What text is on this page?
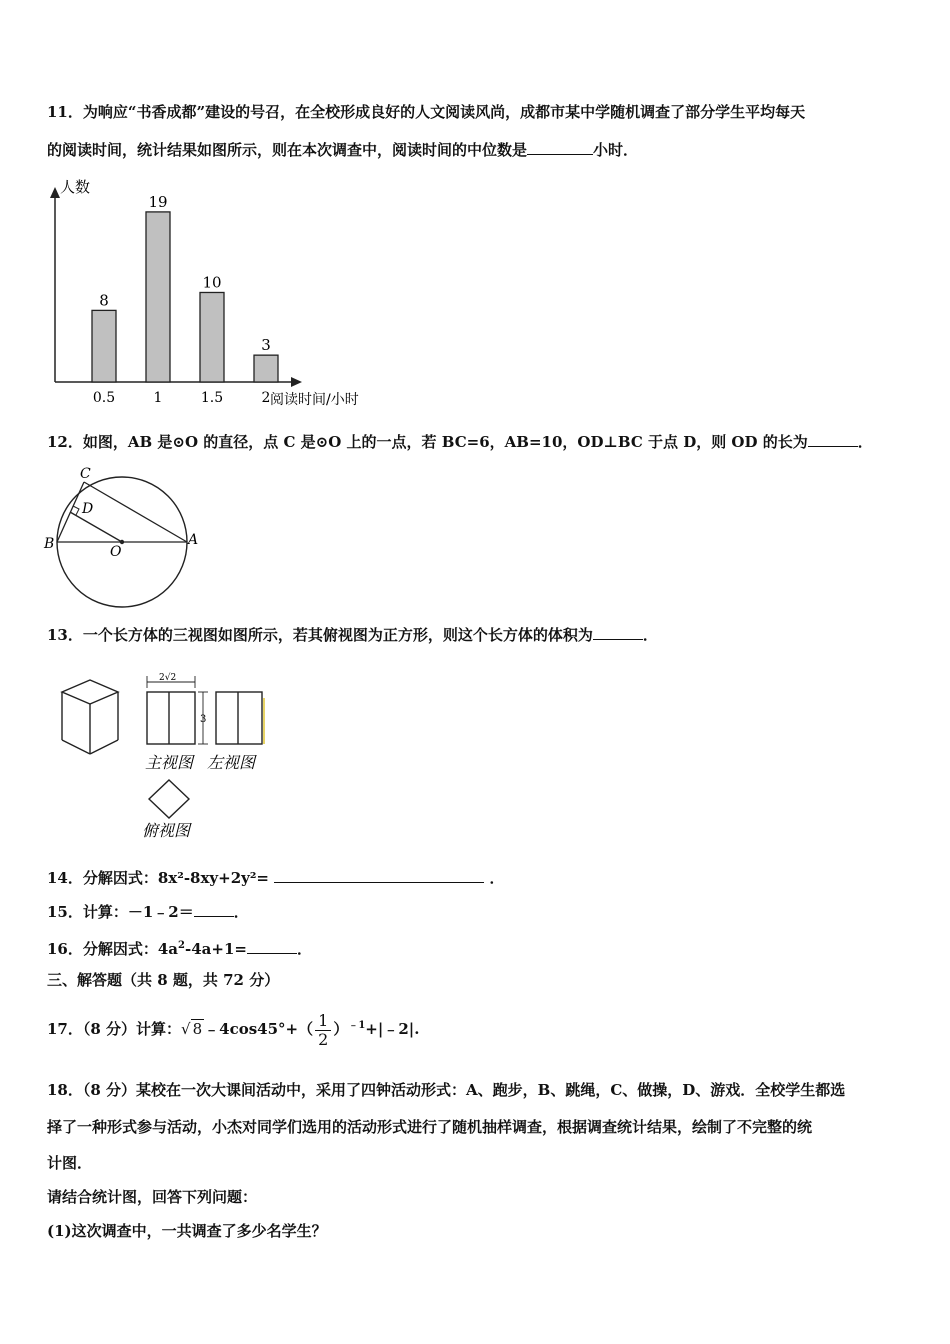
11．为响应“书香成都”建设的号召，在全校形成良好的人文阅读风尚，成都市某中学随机调查了部分学生平均每天
的阅读时间，统计结果如图所示，则在本次调查中，阅读时间的中位数是	小时．
人数
阅读时间/小时
8
0.5
19
1
10
1.5
3
2
12．如图，AB 是⊙O 的直径，点 C 是⊙O 上的一点，若 BC=6，AB=10，OD⊥BC 于点 D，则 OD 的长为	．
C
D
B	O
A
13．一个长方体的三视图如图所示，若其俯视图为正方形，则这个长方体的体积为	．
2√2
3
主视图 左视图
俯视图
14．分解因式：8x²-8xy+2y²=	．
15．计算：－1﹣2＝	．
16．分解因式：$4a^2-4a+1=$	．
三、解答题（共 8 题，共 72 分）
17．（8 分）计算：√ 8 ﹣4cos45°+（ $\frac{1}{2}$ ）$^{﹣1}$+|﹣2|.
18．（8 分）某校在一次大课间活动中，采用了四钟活动形式：A、跑步，B、跳绳，C、做操，D、游戏．全校学生都选
择了一种形式参与活动，小杰对同学们选用的活动形式进行了随机抽样调查，根据调查统计结果，绘制了不完整的统
计图．
请结合统计图，回答下列问题：
(1)这次调查中，一共调查了多少名学生？
